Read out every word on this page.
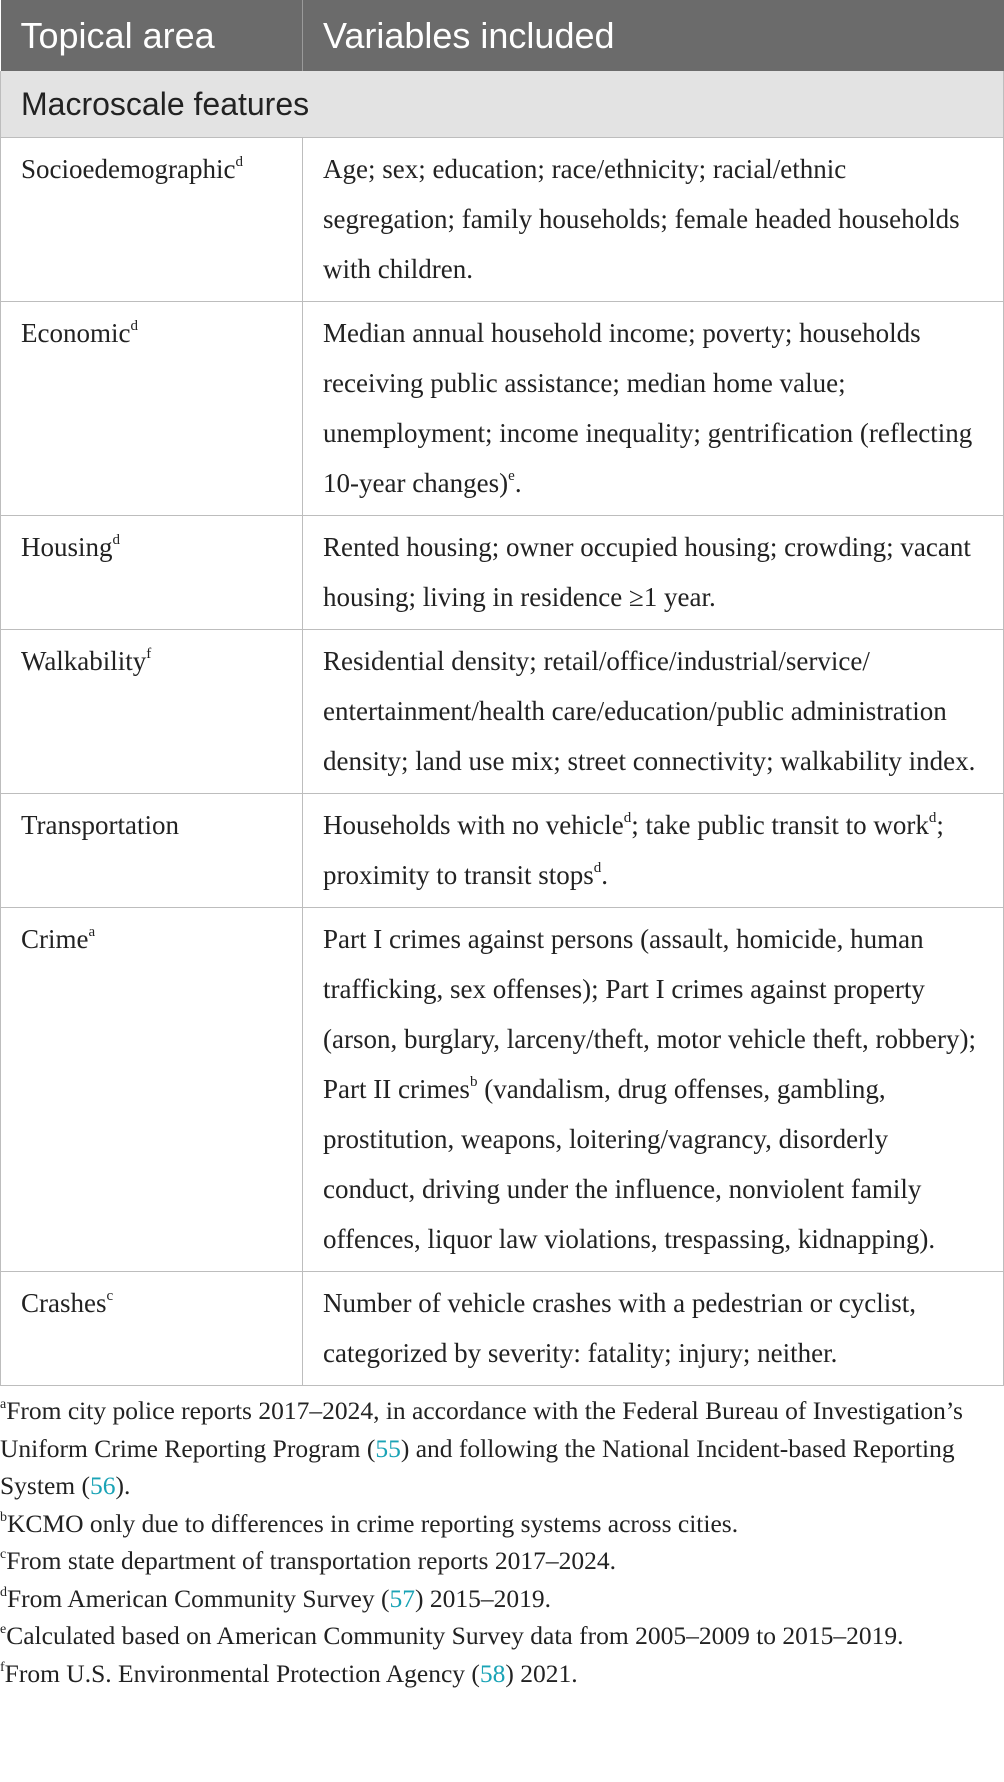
Topical area	Variables included
Macroscale features	
Socioedemographic$^d$	Age; sex; education; race/ethnicity; racial/ethnic segregation; family households; female headed households with children.
Economic$^d$	Median annual household income; poverty; households receiving public assistance; median home value; unemployment; income inequality; gentrification (reflecting 10-year changes)$^e$.
Housing$^d$	Rented housing; owner occupied housing; crowding; vacant housing; living in residence ≥1 year.
Walkability$^f$	Residential density; retail/office/industrial/service/ entertainment/health care/education/public administration density; land use mix; street connectivity; walkability index.
Transportation	Households with no vehicle$^d$; take public transit to work$^d$; proximity to transit stops$^d$.
Crime$^a$	Part I crimes against persons (assault, homicide, human trafficking, sex offenses); Part I crimes against property (arson, burglary, larceny/theft, motor vehicle theft, robbery); Part II crimes$^b$ (vandalism, drug offenses, gambling, prostitution, weapons, loitering/vagrancy, disorderly conduct, driving under the influence, nonviolent family offences, liquor law violations, trespassing, kidnapping).
Crashes$^c$	Number of vehicle crashes with a pedestrian or cyclist, categorized by severity: fatality; injury; neither.

$^a$From city police reports 2017–2024, in accordance with the Federal Bureau of Investigation’s Uniform Crime Reporting Program (55) and following the National Incident-based Reporting System (56).

$^b$KCMO only due to differences in crime reporting systems across cities.

$^c$From state department of transportation reports 2017–2024.

$^d$From American Community Survey (57) 2015–2019.

$^e$Calculated based on American Community Survey data from 2005–2009 to 2015–2019.

$^f$From U.S. Environmental Protection Agency (58) 2021.
